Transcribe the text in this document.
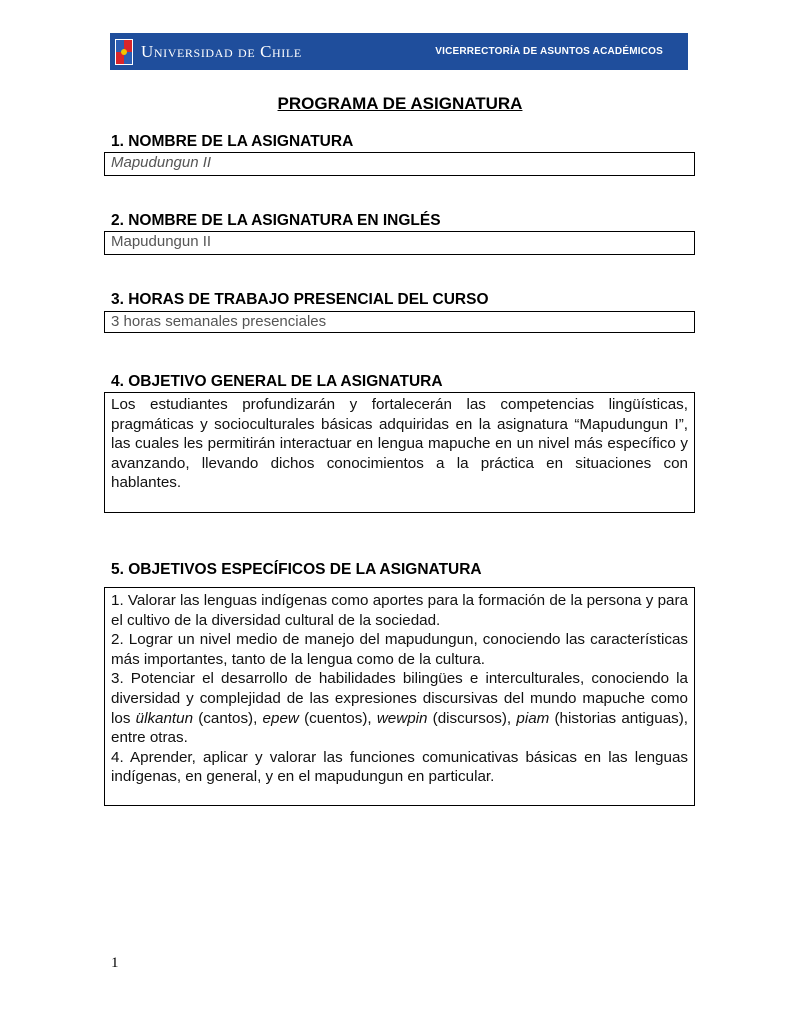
Universidad de Chile	VICERRECTORÍA DE ASUNTOS ACADÉMICOS
PROGRAMA DE ASIGNATURA
1. NOMBRE DE LA ASIGNATURA
Mapudungun II
2. NOMBRE DE LA ASIGNATURA EN INGLÉS
Mapudungun II
3. HORAS DE TRABAJO PRESENCIAL DEL CURSO
3 horas semanales presenciales
4. OBJETIVO GENERAL DE LA ASIGNATURA
Los estudiantes profundizarán y fortalecerán las competencias lingüísticas, pragmáticas y socioculturales básicas adquiridas en la asignatura “Mapudungun I”, las cuales les permitirán interactuar en lengua mapuche en un nivel más específico y avanzando, llevando dichos conocimientos a la práctica en situaciones con hablantes.
5. OBJETIVOS ESPECÍFICOS DE LA ASIGNATURA

1. Valorar las lenguas indígenas como aportes para la formación de la persona y para el cultivo de la diversidad cultural de la sociedad.

2. Lograr un nivel medio de manejo del mapudungun, conociendo las características más importantes, tanto de la lengua como de la cultura.

3. Potenciar el desarrollo de habilidades bilingües e interculturales, conociendo la diversidad y complejidad de las expresiones discursivas del mundo mapuche como los ülkantun (cantos), epew (cuentos), wewpin (discursos), piam (historias antiguas), entre otras.

4. Aprender, aplicar y valorar las funciones comunicativas básicas en las lenguas indígenas, en general, y en el mapudungun en particular.

1
